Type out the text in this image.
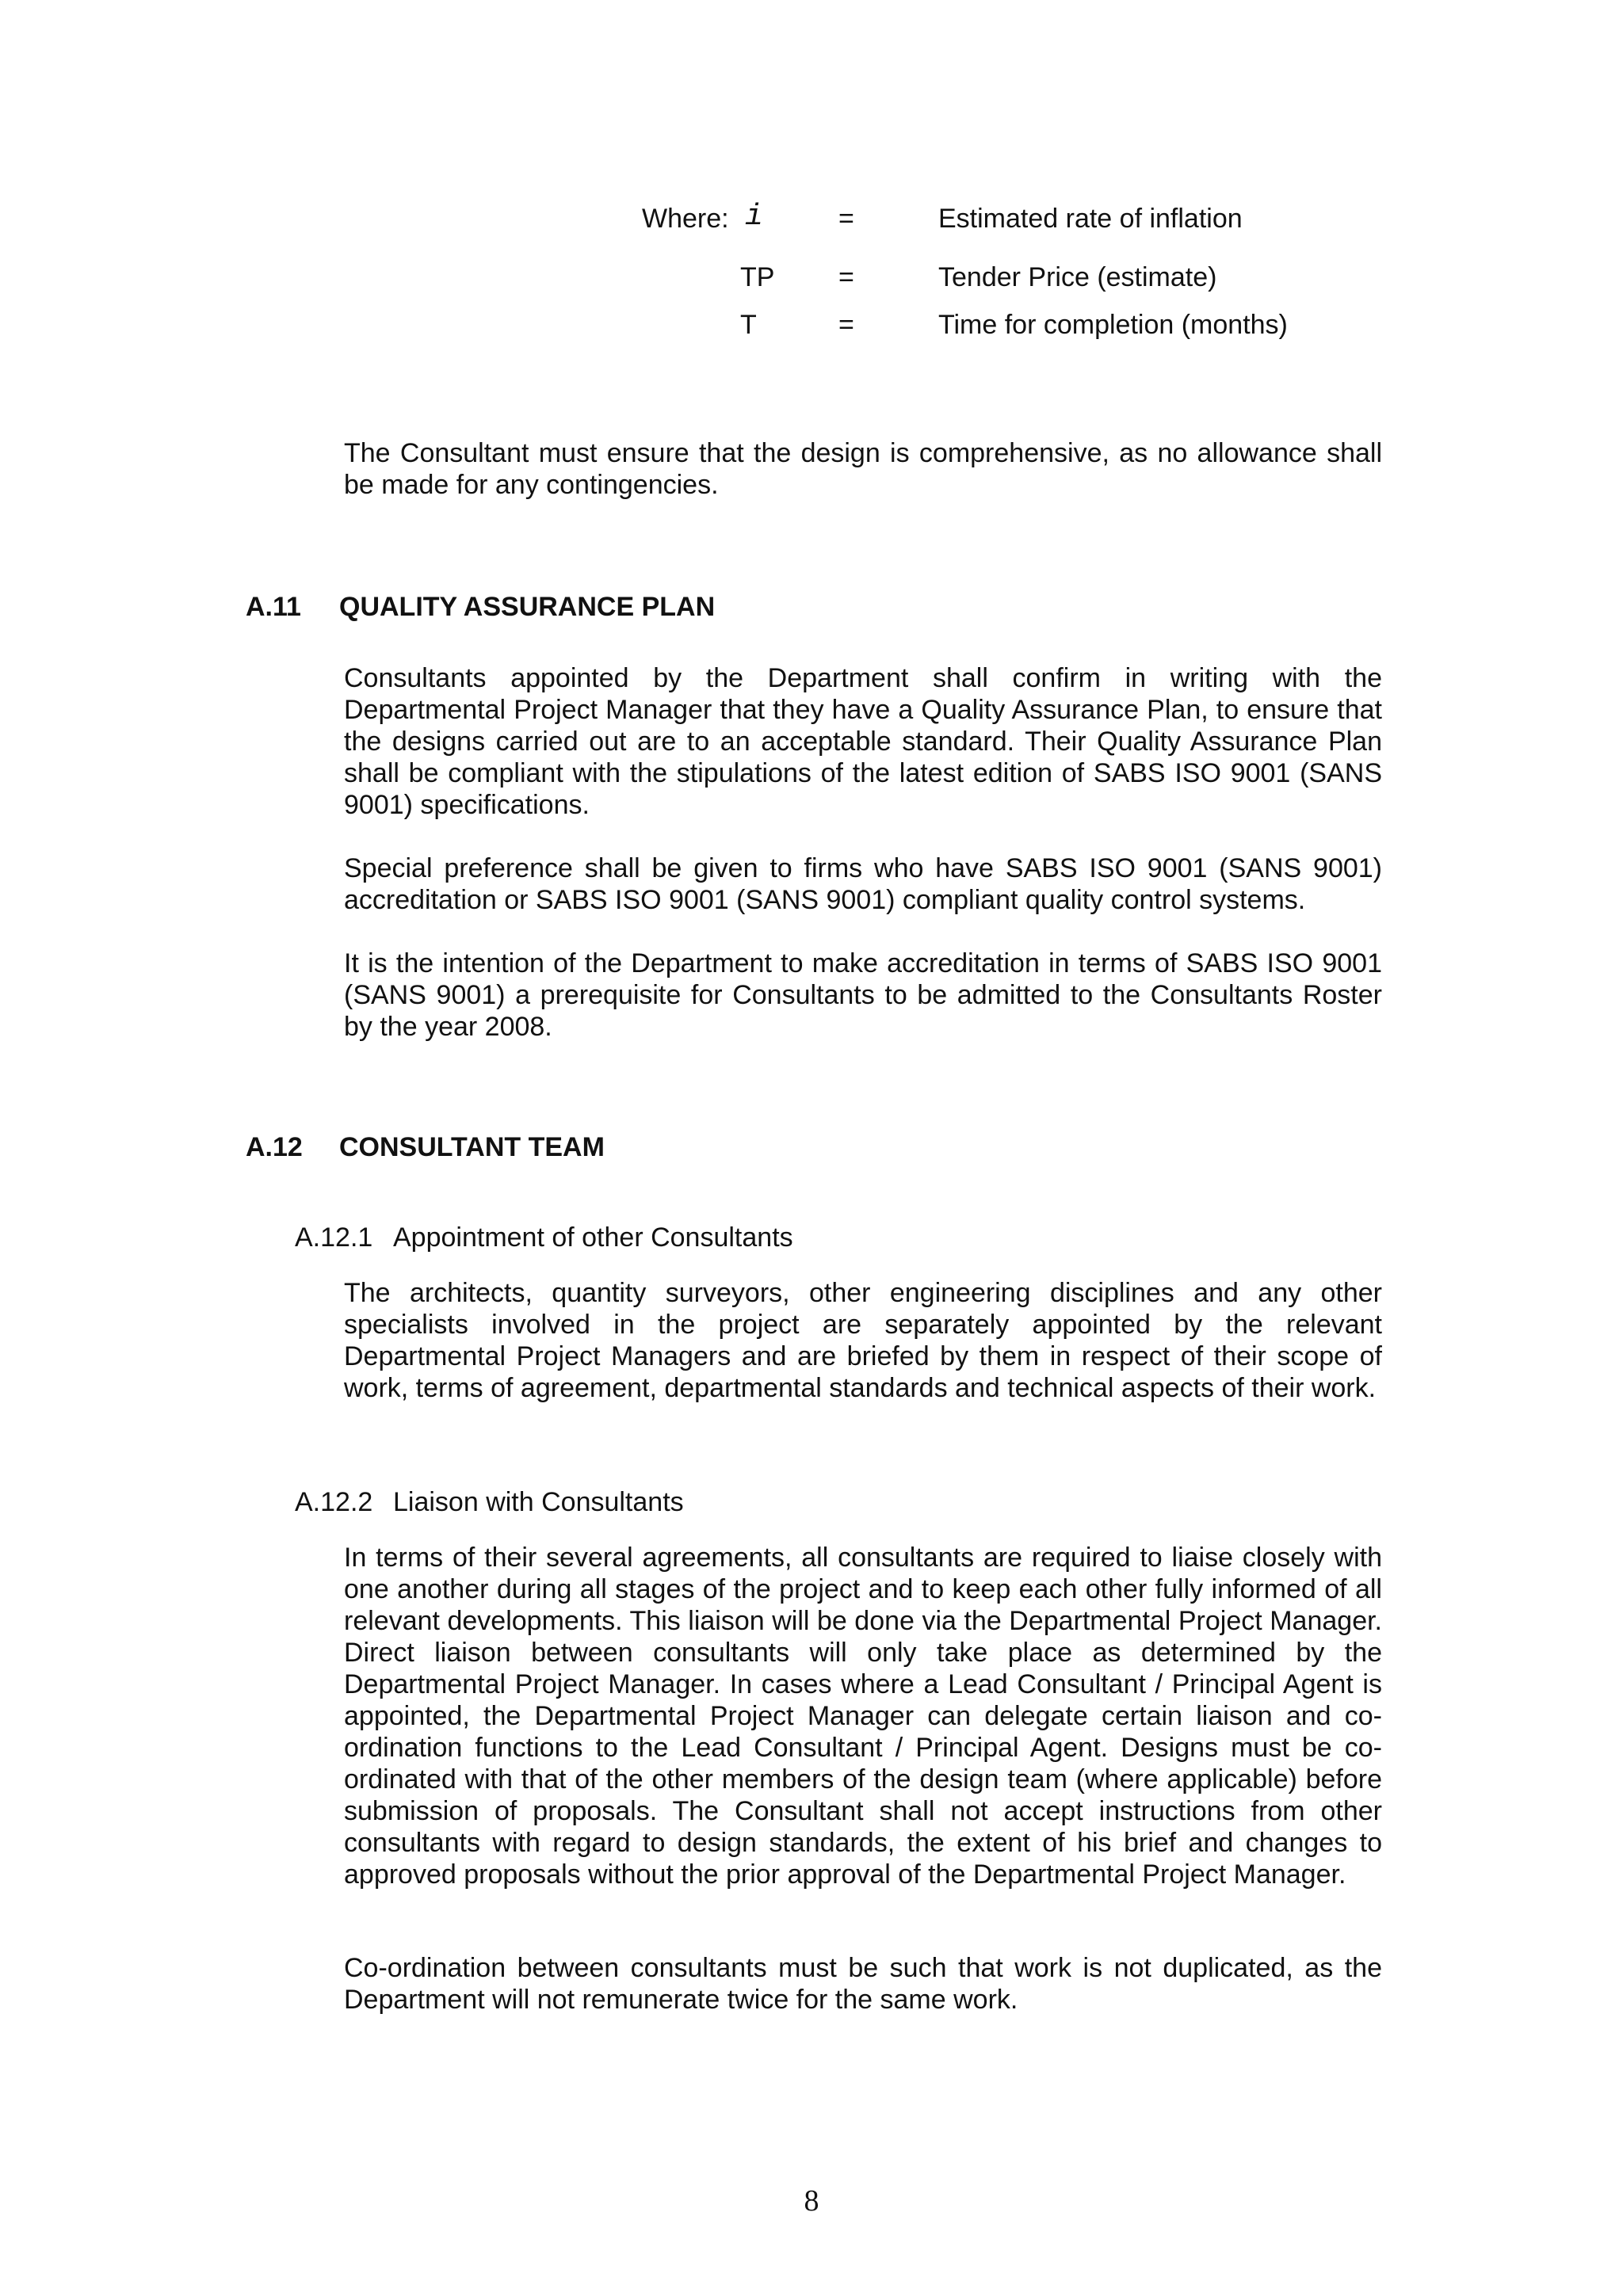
Where: i	=	Estimated rate of inflation
TP =	Tender Price (estimate)
T	=	Time for completion (months)

The Consultant must ensure that the design is comprehensive, as no allowance shall be made for any contingencies.

A.11 QUALITY ASSURANCE PLAN

Consultants appointed by the Department shall confirm in writing with the Departmental Project Manager that they have a Quality Assurance Plan, to ensure that the designs carried out are to an acceptable standard. Their Quality Assurance Plan shall be compliant with the stipulations of the latest edition of SABS ISO 9001 (SANS 9001) specifications.

Special preference shall be given to firms who have SABS ISO 9001 (SANS 9001) accreditation or SABS ISO 9001 (SANS 9001) compliant quality control systems.

It is the intention of the Department to make accreditation in terms of SABS ISO 9001 (SANS 9001) a prerequisite for Consultants to be admitted to the Consultants Roster by the year 2008.

A.12 CONSULTANT TEAM
A.12.1 Appointment of other Consultants

The architects, quantity surveyors, other engineering disciplines and any other specialists involved in the project are separately appointed by the relevant Departmental Project Managers and are briefed by them in respect of their scope of work, terms of agreement, departmental standards and technical aspects of their work.

A.12.2 Liaison with Consultants

In terms of their several agreements, all consultants are required to liaise closely with one another during all stages of the project and to keep each other fully informed of all relevant developments. This liaison will be done via the Departmental Project Manager. Direct liaison between consultants will only take place as determined by the Departmental Project Manager. In cases where a Lead Consultant / Principal Agent is appointed, the Departmental Project Manager can delegate certain liaison and co-ordination functions to the Lead Consultant / Principal Agent. Designs must be co-ordinated with that of the other members of the design team (where applicable) before submission of proposals. The Consultant shall not accept instructions from other consultants with regard to design standards, the extent of his brief and changes to approved proposals without the prior approval of the Departmental Project Manager.

Co-ordination between consultants must be such that work is not duplicated, as the Department will not remunerate twice for the same work.

8
